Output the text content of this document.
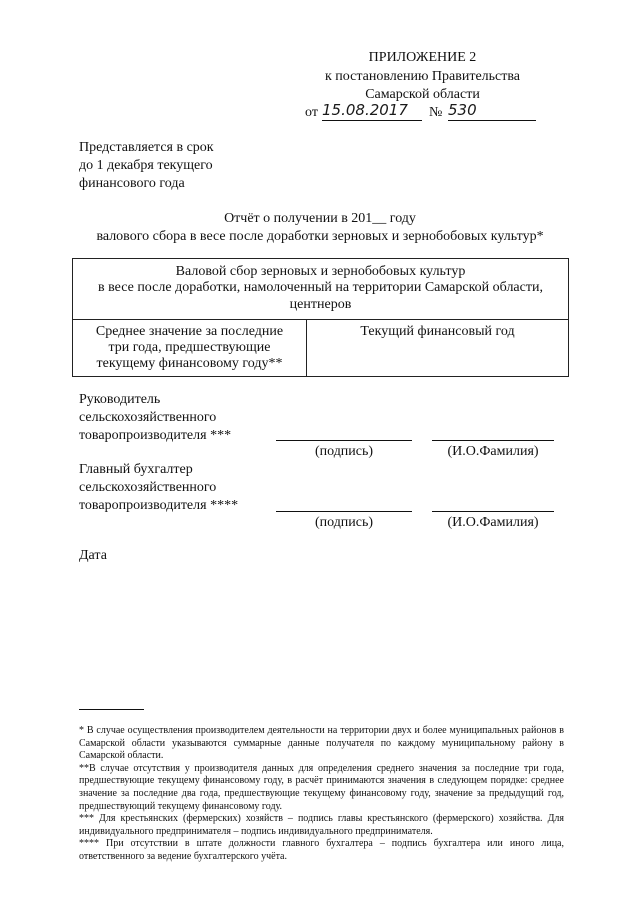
ПРИЛОЖЕНИЕ 2
к постановлению Правительства
Самарской области
от 15.08.2017	№ 530
Представляется в срок
до 1 декабря текущего
финансового года
Отчёт о получении в 201__ году
валового сбора в весе после доработки зерновых и зернобобовых культур*
Валовой сбор зерновых и зернобобовых культур
в весе после доработки, намолоченный на территории Самарской области,
центнеров

Среднее значение за последние
три года, предшествующие
текущему финансовому году**

Текущий финансовый год
Руководитель
сельскохозяйственного
товаропроизводителя ***
(подпись)	(И.О.Фамилия)
Главный бухгалтер
сельскохозяйственного
товаропроизводителя ****
(подпись)	(И.О.Фамилия)
Дата
* В случае осуществления производителем деятельности на территории двух и более муниципальных районов в Самарской области указываются суммарные данные получателя по каждому муниципальному району в Самарской области.
**В случае отсутствия у производителя данных для определения среднего значения за последние три года, предшествующие текущему финансовому году, в расчёт принимаются значения в следующем порядке: среднее значение за последние два года, предшествующие текущему финансовому году, значение за предыдущий год, предшествующий текущему финансовому году.
*** Для крестьянских (фермерских) хозяйств – подпись главы крестьянского (фермерского) хозяйства. Для индивидуального предпринимателя – подпись индивидуального предпринимателя.
**** При отсутствии в штате должности главного бухгалтера – подпись бухгалтера или иного лица, ответственного за ведение бухгалтерского учёта.
